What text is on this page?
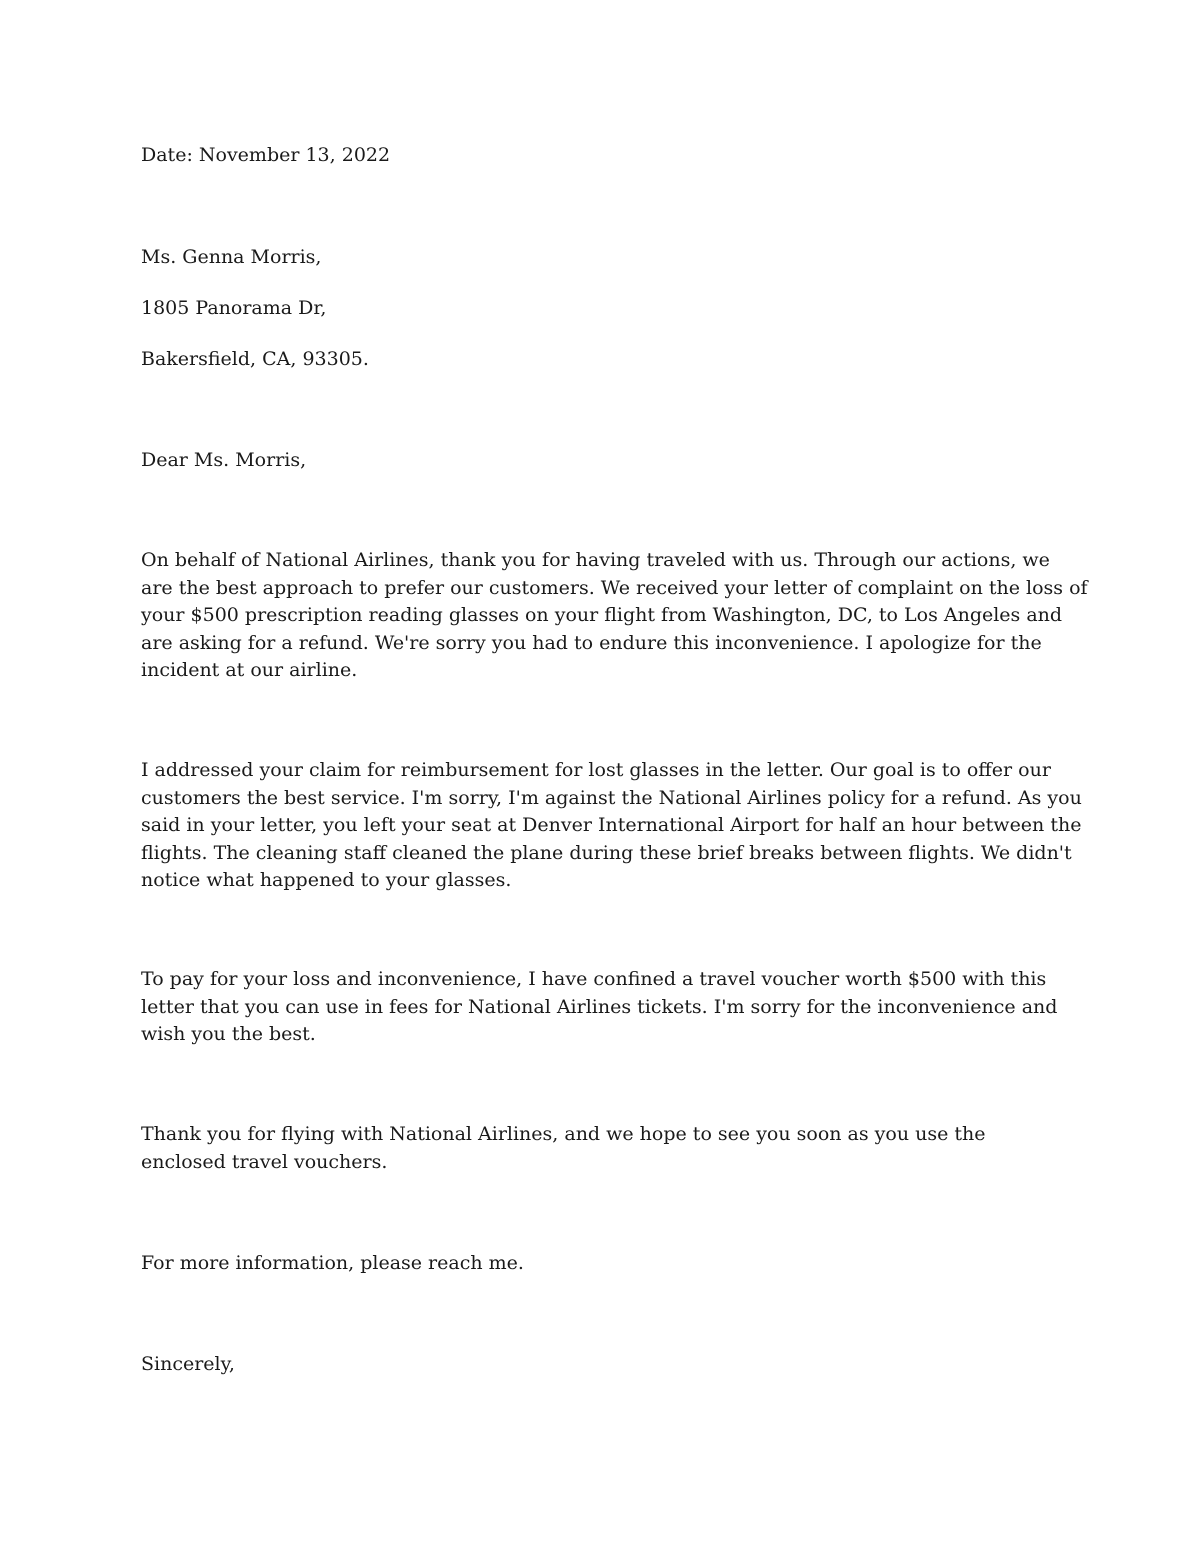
Date: November 13, 2022

Ms. Genna Morris,

1805 Panorama Dr,

Bakersfield, CA, 93305.

Dear Ms. Morris,

On behalf of National Airlines, thank you for having traveled with us. Through our actions, we
are the best approach to prefer our customers. We received your letter of complaint on the loss of
your $500 prescription reading glasses on your flight from Washington, DC, to Los Angeles and
are asking for a refund. We're sorry you had to endure this inconvenience. I apologize for the
incident at our airline.
I addressed your claim for reimbursement for lost glasses in the letter. Our goal is to offer our
customers the best service. I'm sorry, I'm against the National Airlines policy for a refund. As you
said in your letter, you left your seat at Denver International Airport for half an hour between the
flights. The cleaning staff cleaned the plane during these brief breaks between flights. We didn't
notice what happened to your glasses.
To pay for your loss and inconvenience, I have confined a travel voucher worth $500 with this
letter that you can use in fees for National Airlines tickets. I'm sorry for the inconvenience and
wish you the best.
Thank you for flying with National Airlines, and we hope to see you soon as you use the
enclosed travel vouchers.

For more information, please reach me.

Sincerely,
